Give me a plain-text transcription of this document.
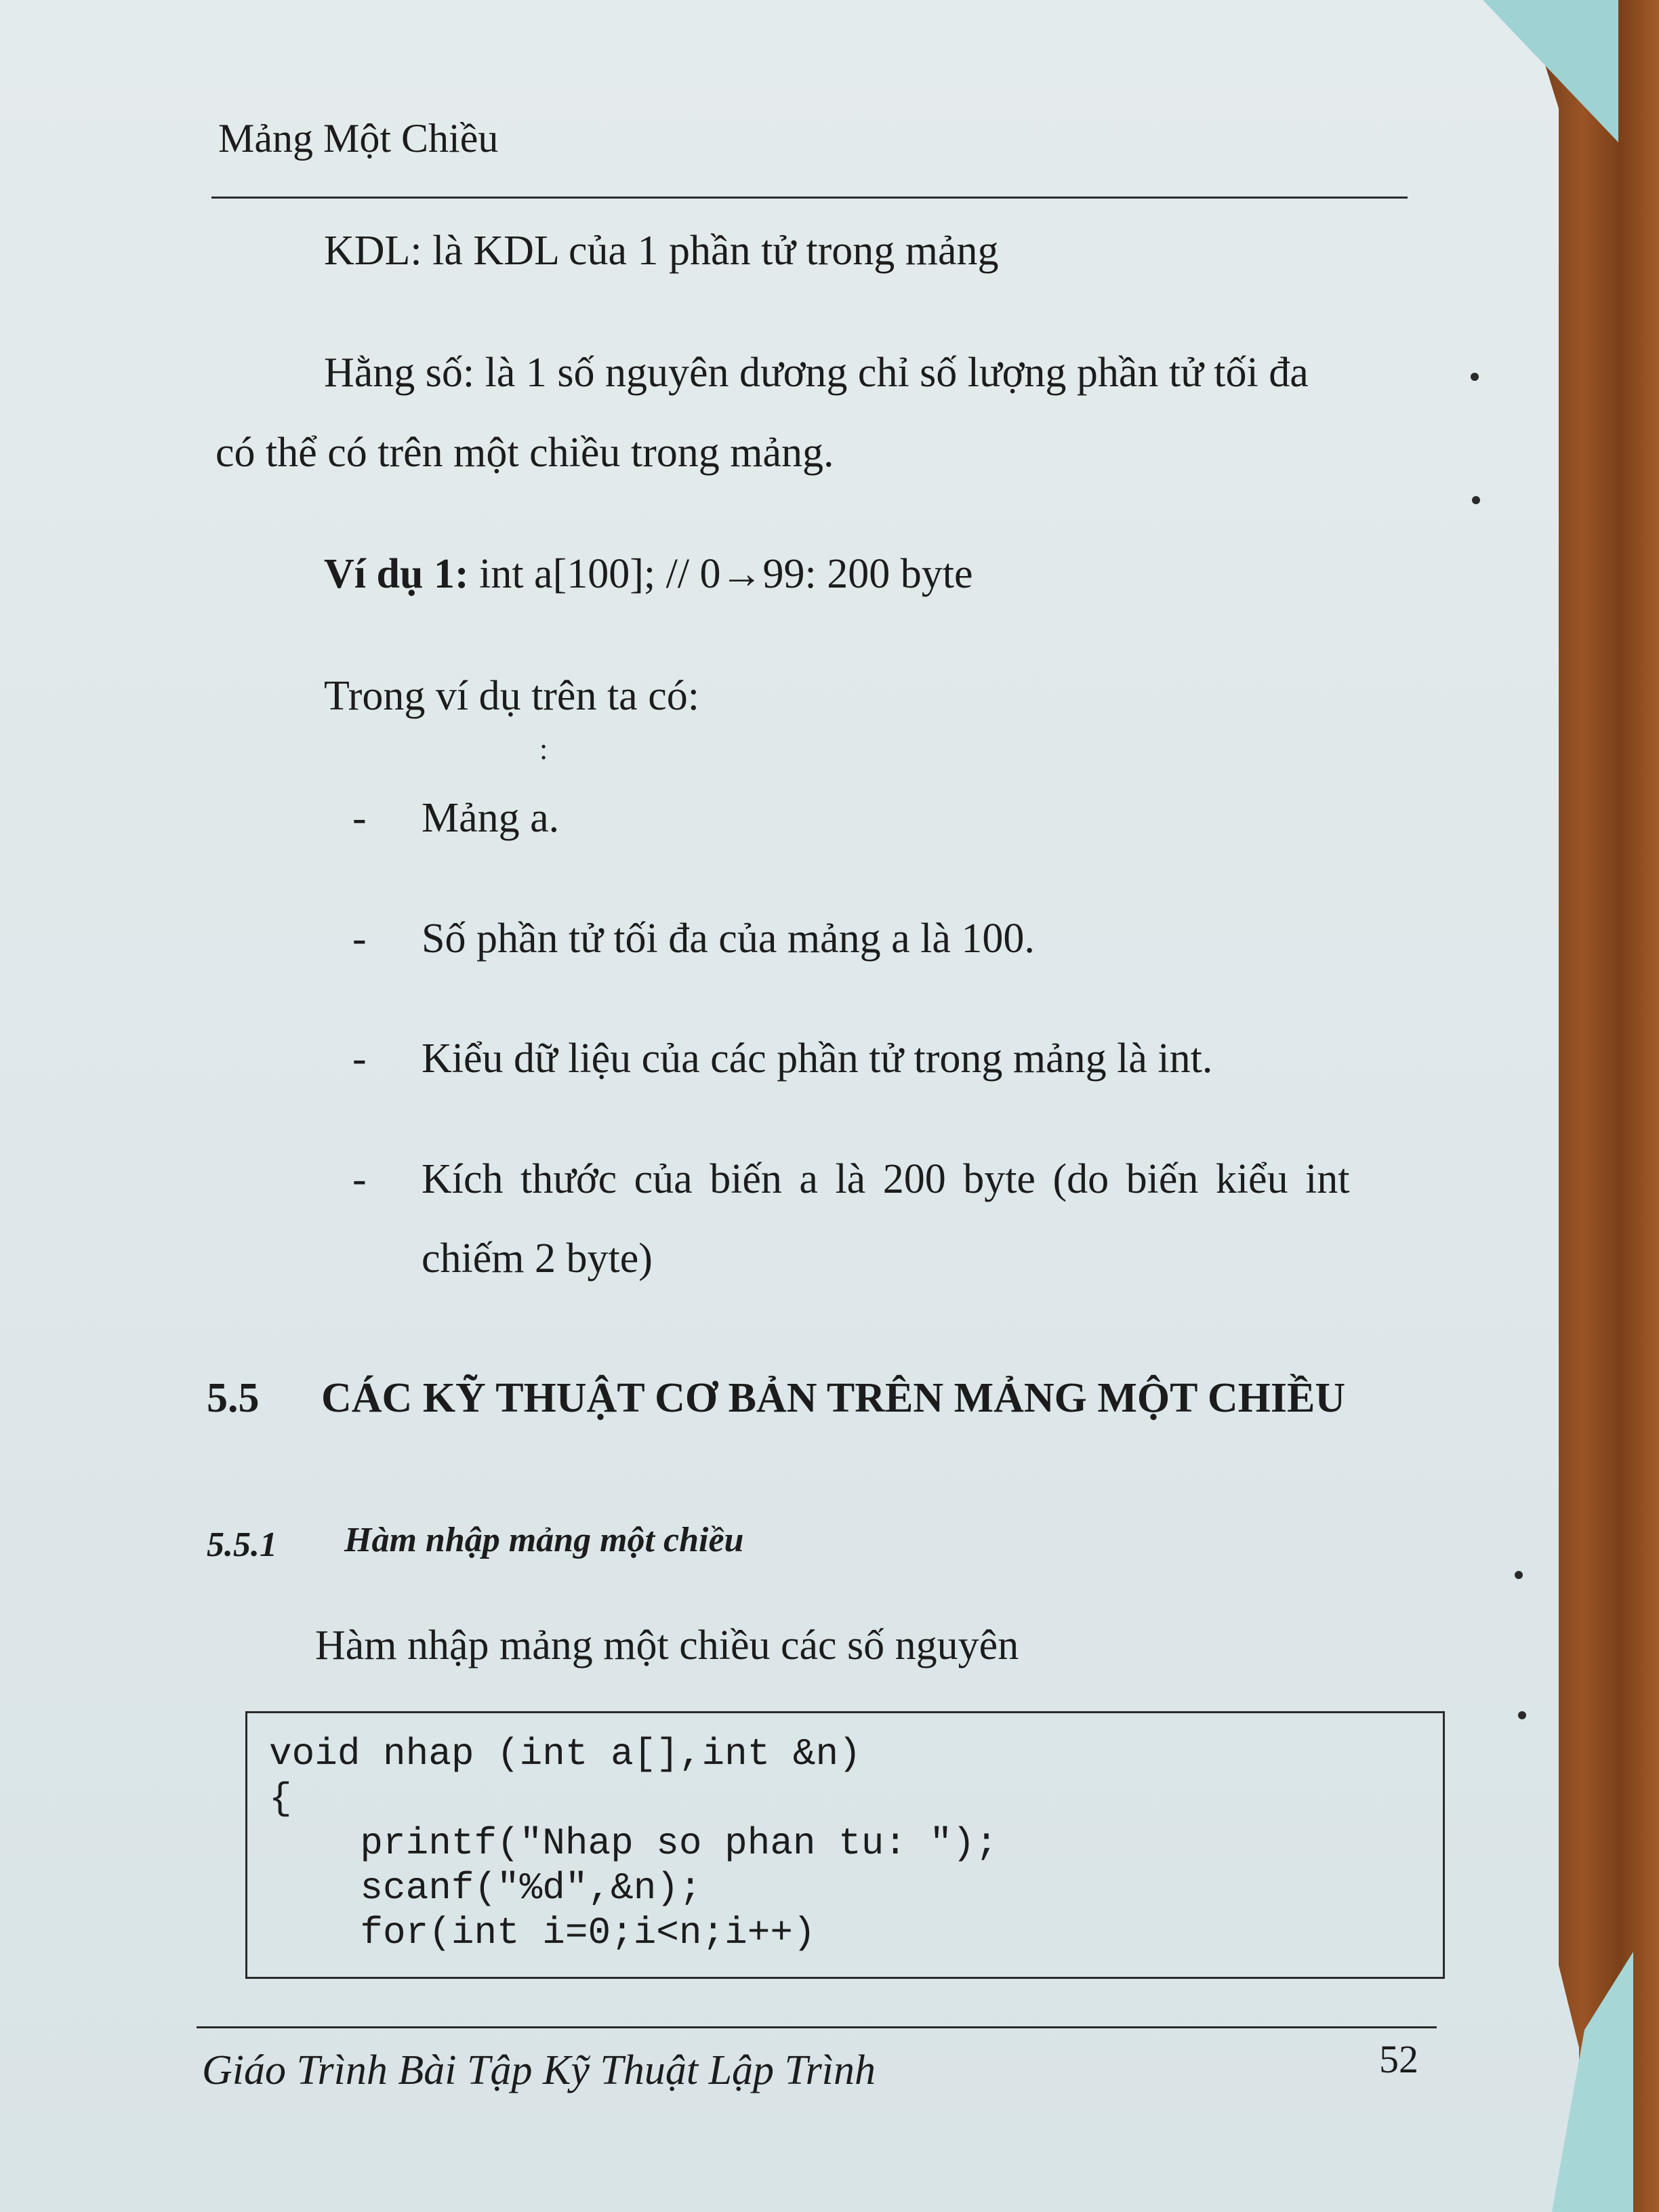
Mảng Một Chiều
KDL: là KDL của 1 phần tử trong mảng
Hằng số: là 1 số nguyên dương chỉ số lượng phần tử tối đa
có thể có trên một chiều trong mảng.
Ví dụ 1: int a[100]; // 0→99: 200 byte
Trong ví dụ trên ta có:
:
- Mảng a.
- Số phần tử tối đa của mảng a là 100.
- Kiểu dữ liệu của các phần tử trong mảng là int.
- Kích thước của biến a là 200 byte (do biến kiểu int
chiếm 2 byte)
5.5 CÁC KỸ THUẬT CƠ BẢN TRÊN MẢNG MỘT CHIỀU
5.5.1 Hàm nhập mảng một chiều
Hàm nhập mảng một chiều các số nguyên
void nhap (int a[],int &n)
{
printf("Nhap so phan tu: ");
scanf("%d",&n);
for(int i=0;i<n;i++)
Giáo Trình Bài Tập Kỹ Thuật Lập Trình	52
